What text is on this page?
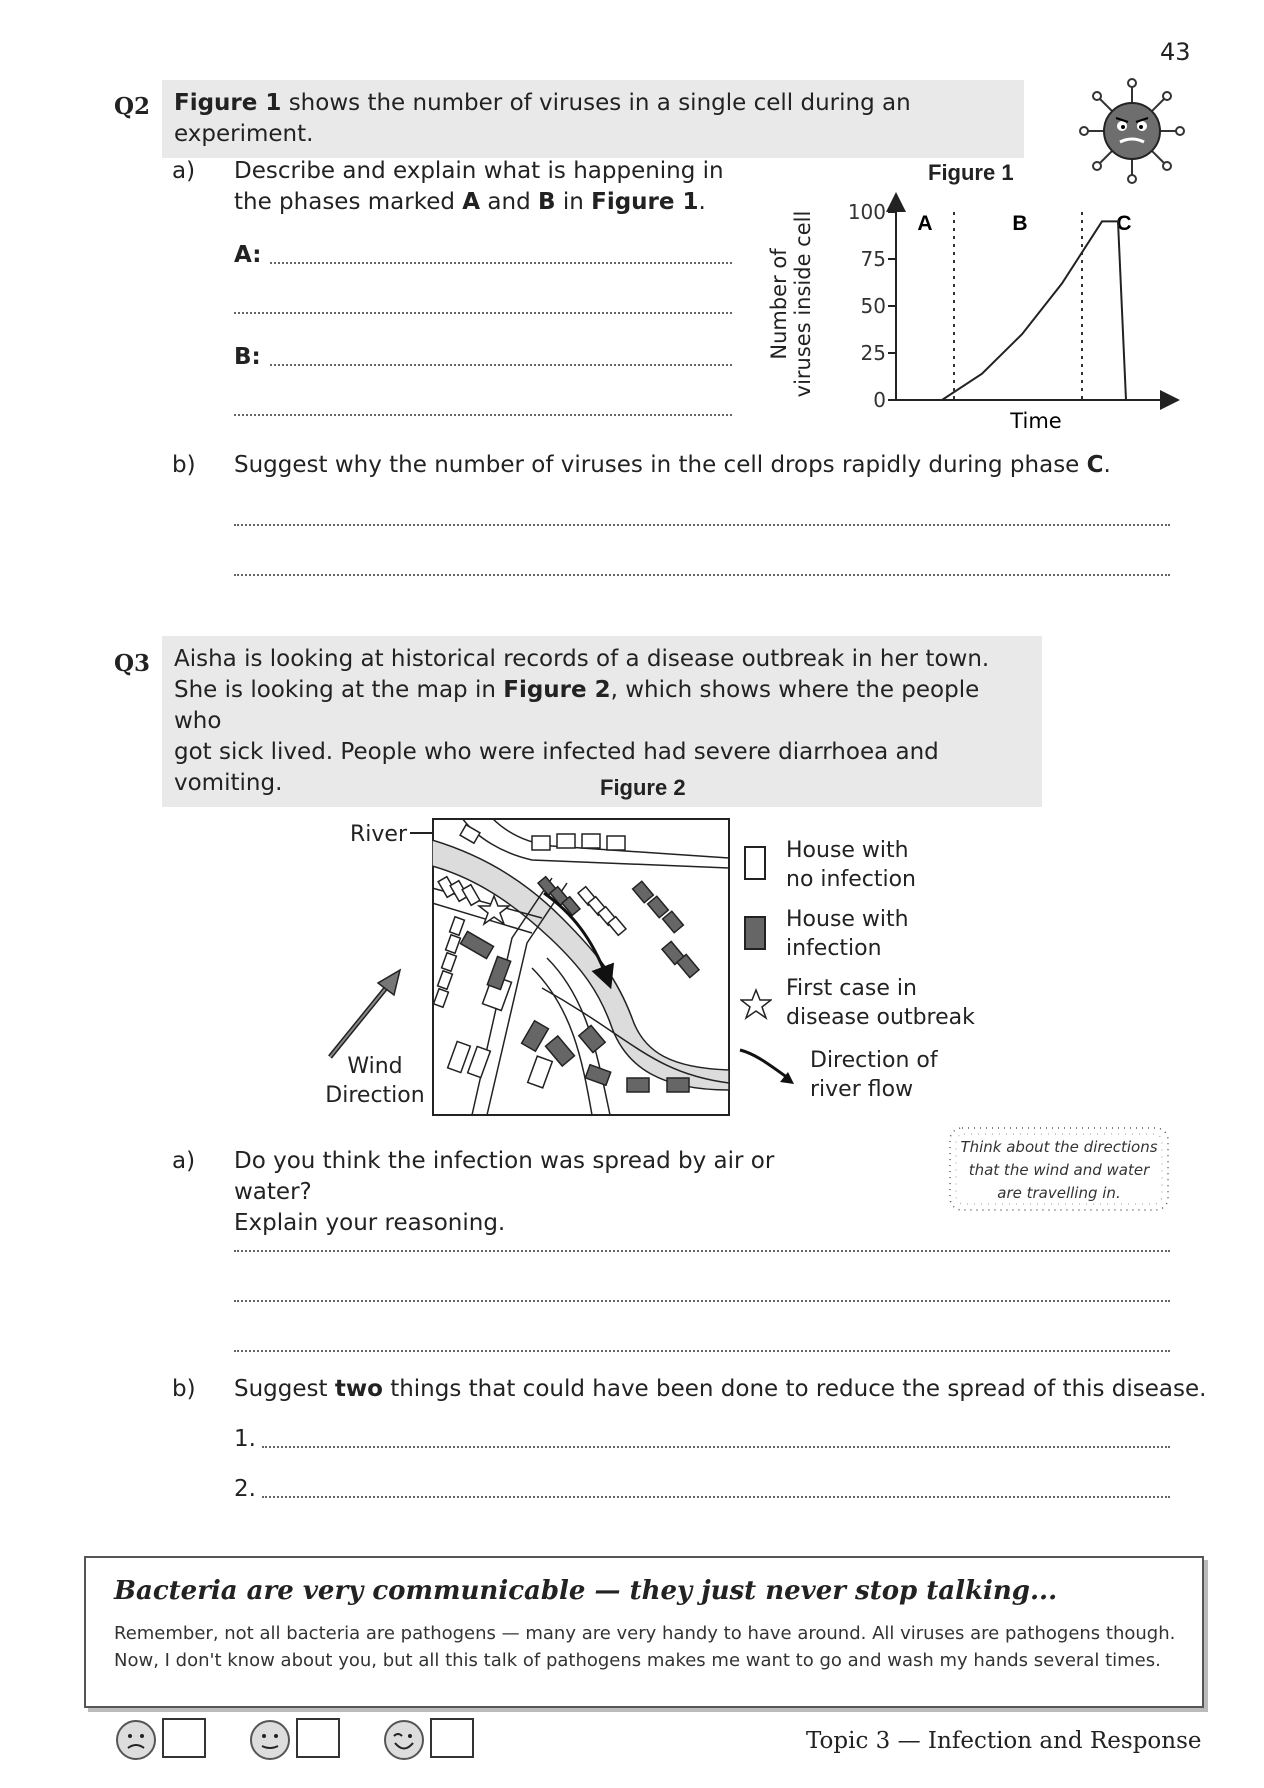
43
Q2	Figure 1 shows the number of viruses in a single cell during an experiment.
a) Describe and explain what is happening in
the phases marked A and B in Figure 1.
A:
B:
Figure 1
Number of viruses inside cell
0
25
50
75
100 A	B	C
Time
b) Suggest why the number of viruses in the cell drops rapidly during phase C.
Q3 Aisha is looking at historical records of a disease outbreak in her town.
She is looking at the map in Figure 2, which shows where the people who
got sick lived. People who were infected had severe diarrhoea and vomiting.	Figure 2
River
Wind
Direction
House with
no infection
House with
infection
First case in
disease outbreak
Direction of
river flow
Think about the directions
that the wind and water
are travelling in.
a) Do you think the infection was spread by air or water?
Explain your reasoning.
b) Suggest two things that could have been done to reduce the spread of this disease.
1.
2.
Bacteria are very communicable — they just never stop talking...
Remember, not all bacteria are pathogens — many are very handy to have around. All viruses are pathogens though.
Now, I don't know about you, but all this talk of pathogens makes me want to go and wash my hands several times.
Topic 3 — Infection and Response
